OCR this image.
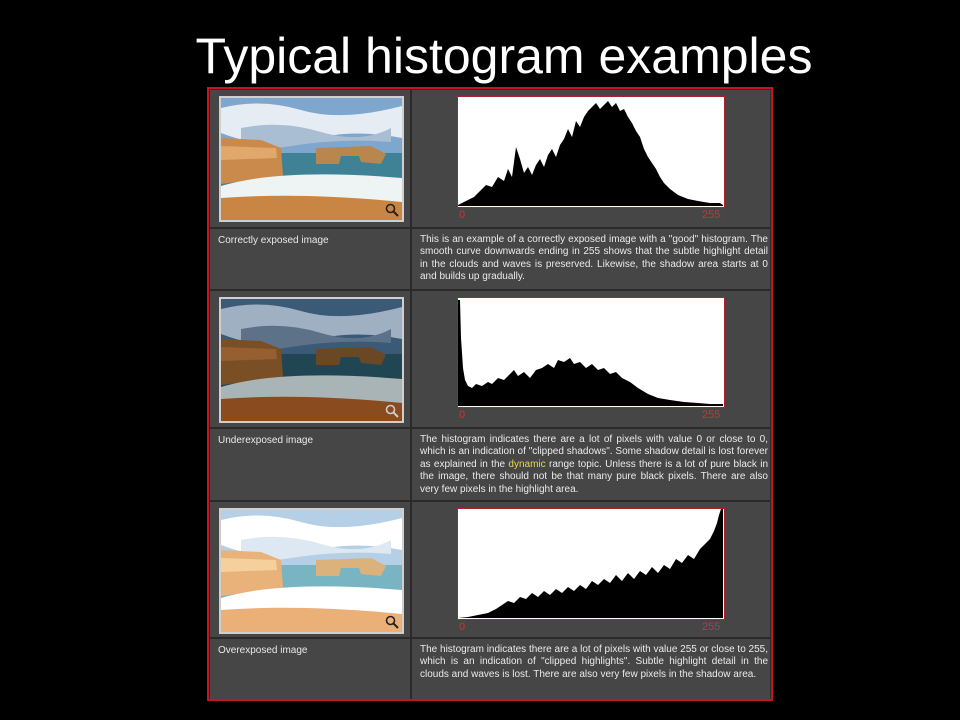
Typical histogram examples
0	255
Correctly exposed image	This is an example of a correctly exposed image with a "good" histogram. The smooth curve downwards ending in 255 shows that the subtle highlight detail in the clouds and waves is preserved. Likewise, the shadow area starts at 0 and builds up gradually.
0	255
Underexposed image	The histogram indicates there are a lot of pixels with value 0 or close to 0, which is an indication of "clipped shadows". Some shadow detail is lost forever as explained in the dynamic range topic. Unless there is a lot of pure black in the image, there should not be that many pure black pixels. There are also very few pixels in the highlight area.
0	255
Overexposed image	The histogram indicates there are a lot of pixels with value 255 or close to 255, which is an indication of "clipped highlights". Subtle highlight detail in the clouds and waves is lost. There are also very few pixels in the shadow area.
